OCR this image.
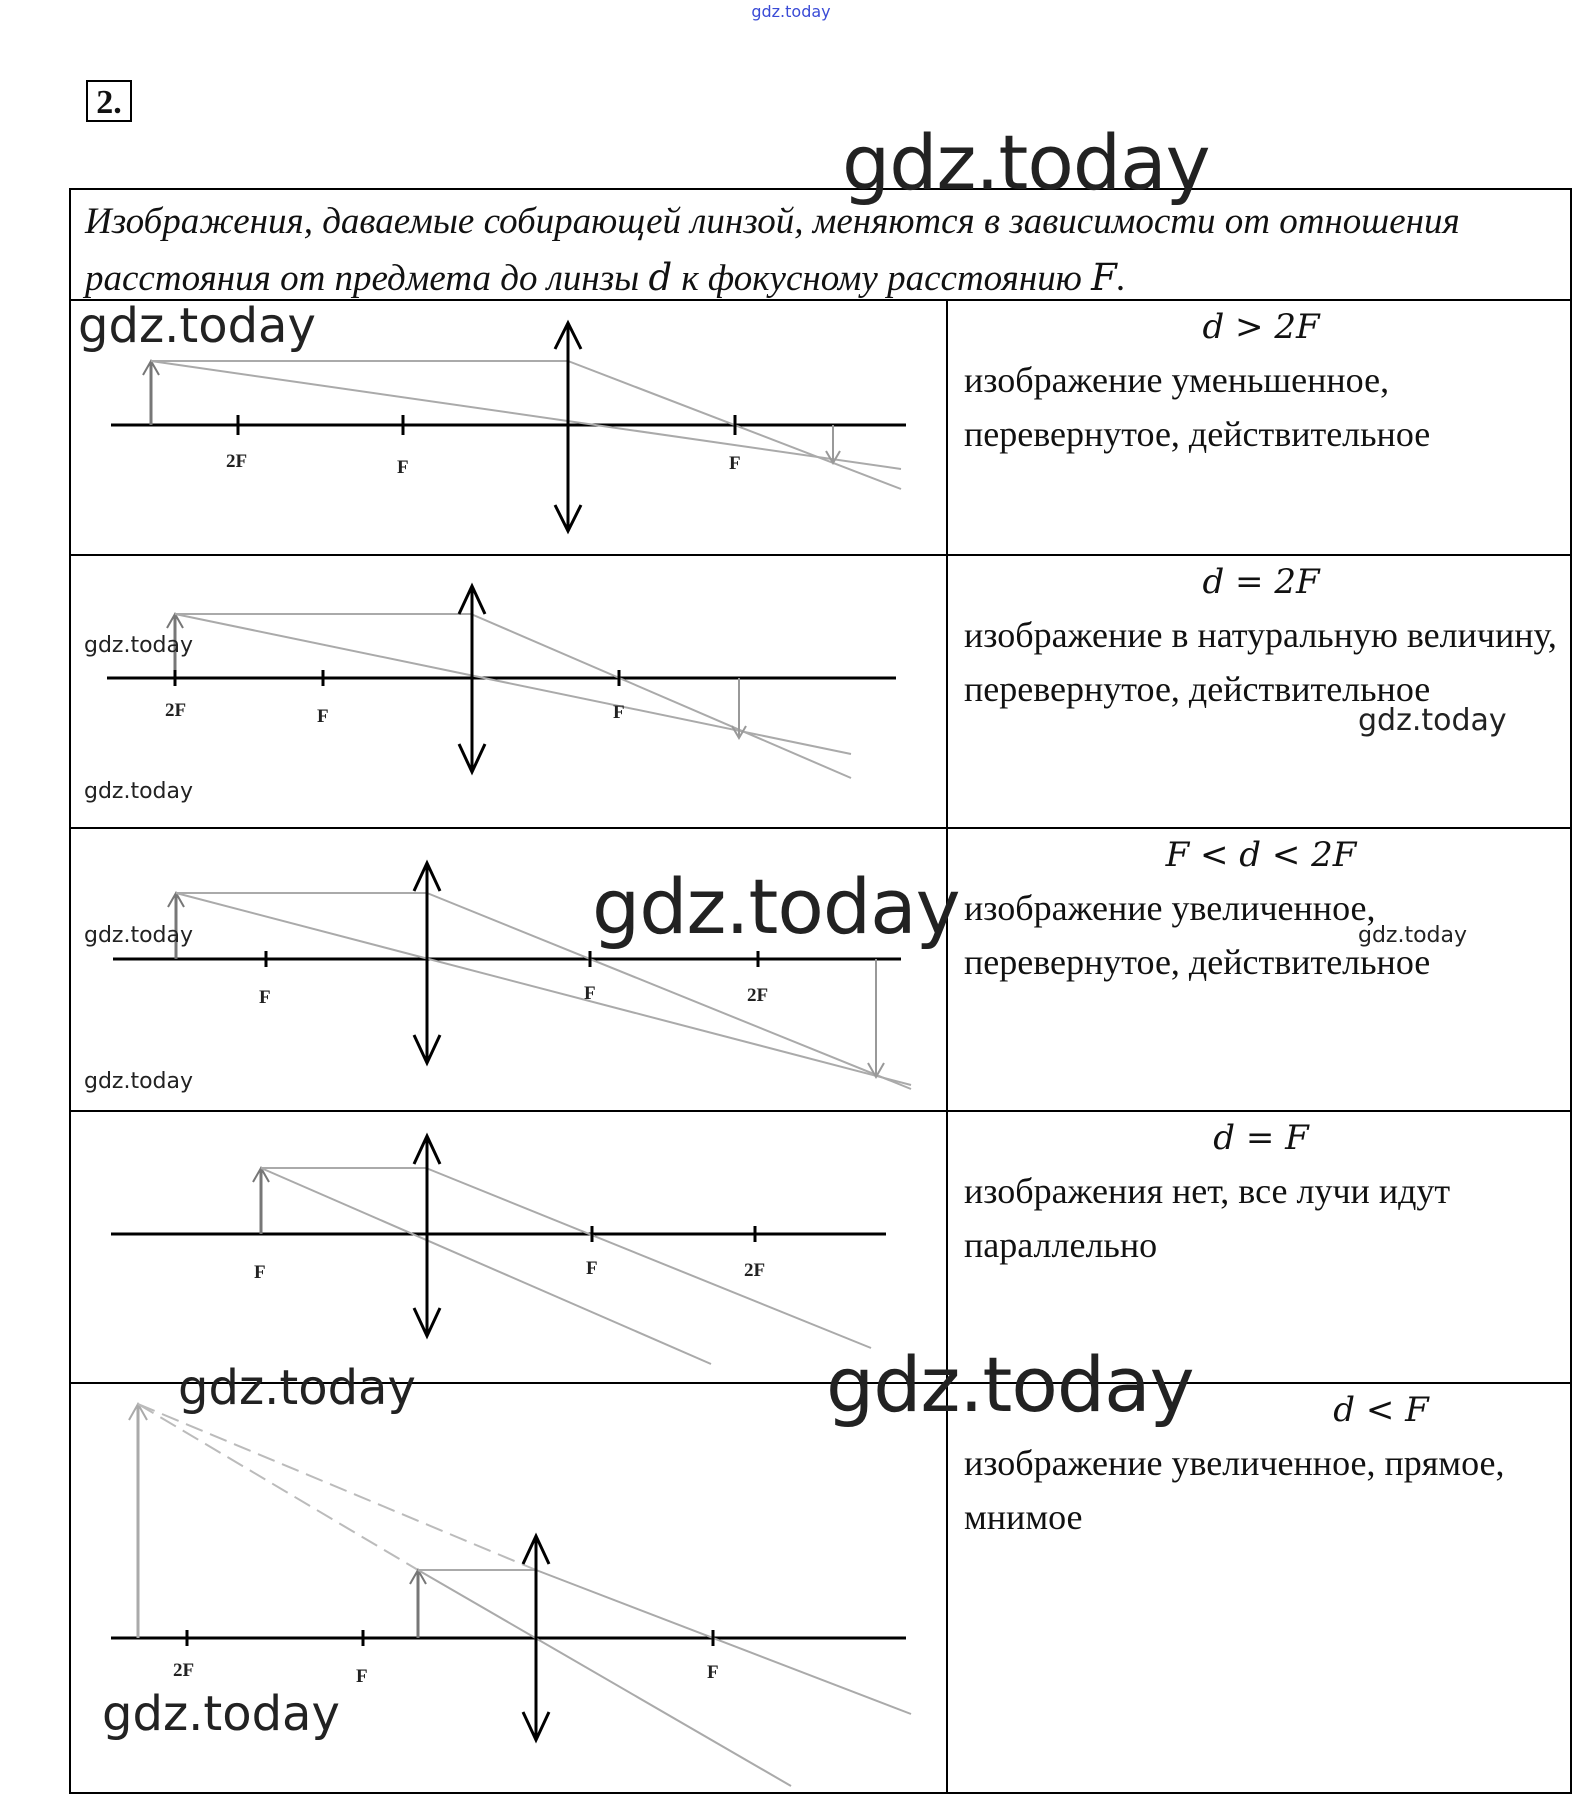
gdz.today
2.
Изображения, даваемые собирающей линзой, меняются в зависимости от отношения
расстояния от предмета до линзы d к фокусному расстоянию F.
2F	F	F
d > 2F
изображение уменьшенное, перевернутое, действительное
2F	F	F
d = 2F
изображение в натуральную величину, перевернутое, действительное
F	F	2F
F < d < 2F
изображение увеличенное, перевернутое, действительное
F	F	2F
d = F
изображения нет, все лучи идут параллельно
2F	F	F
d < F
изображение увеличенное, прямое, мнимое
gdz.today
gdz.today
gdz.today
gdz.today
gdz.today
gdz.today
gdz.today	gdz.today
gdz.today
gdz.today	gdz.today
gdz.today
